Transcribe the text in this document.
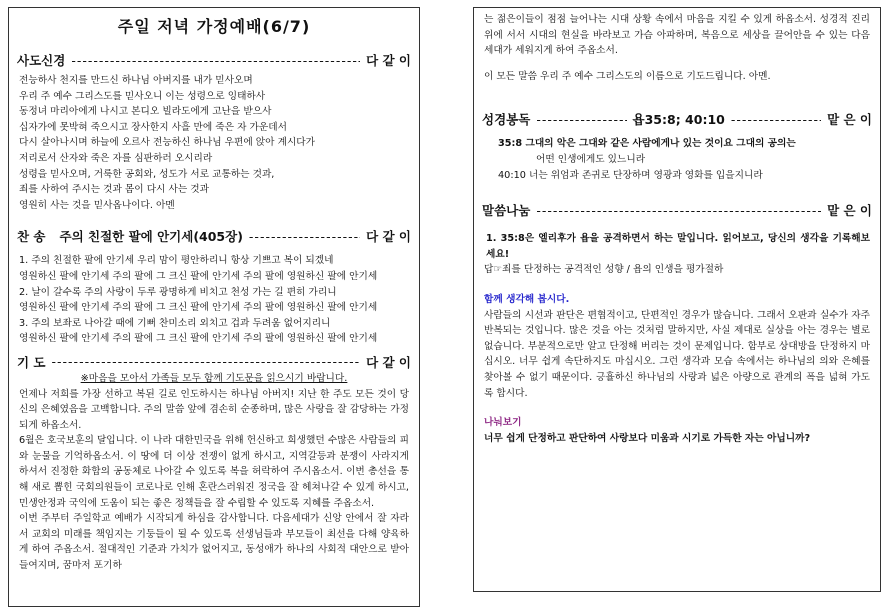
주일 저녁 가정예배(6/7)
사도신경 -----	다 같 이
전능하사 천지를 만드신 하나님 아버지를 내가 믿사오며
우리 주 예수 그리스도를 믿사오니 이는 성령으로 잉태하사
동정녀 마리아에게 나시고 본디오 빌라도에게 고난을 받으사
십자가에 못박혀 죽으시고 장사한지 사흘 만에 죽은 자 가운데서
다시 살아나시며 하늘에 오르사 전능하신 하나님 우편에 앉아 계시다가
저리로서 산자와 죽은 자를 심판하러 오시리라
성령을 믿사오며, 거룩한 공회와, 성도가 서로 교통하는 것과,
죄를 사하여 주시는 것과 몸이 다시 사는 것과
영원히 사는 것을 믿사옵나이다. 아멘
찬 송 주의 친절한 팔에 안기세(405장) -----	다 같 이
1. 주의 친절한 팔에 안기세 우리 맘이 평안하리니 항상 기쁘고 복이 되겠네
영원하신 팔에 안기세 주의 팔에 그 크신 팔에 안기세 주의 팔에 영원하신 팔에 안기세
2. 날이 갈수록 주의 사랑이 두루 광명하게 비치고 천성 가는 길 편히 가리니
영원하신 팔에 안기세 주의 팔에 그 크신 팔에 안기세 주의 팔에 영원하신 팔에 안기세
3. 주의 보좌로 나아갈 때에 기뻐 찬미소리 외치고 겁과 두려움 없어지리니
영원하신 팔에 안기세 주의 팔에 그 크신 팔에 안기세 주의 팔에 영원하신 팔에 안기세
기 도 -----	다 같 이
※마음을 모아서 가족들 모두 함께 기도문을 읽으시기 바랍니다.
언제나 저희를 가장 선하고 복된 길로 인도하시는 하나님 아버지! 지난 한 주도 모든 것이 당신의 은혜였음을 고백합니다. 주의 말씀 앞에 겸손히 순종하며, 많은 사랑을 잘 감당하는 가정되게 하옵소서.
6월은 호국보훈의 달입니다. 이 나라 대한민국을 위해 헌신하고 희생했던 수많은 사람들의 피와 눈물을 기억하옵소서. 이 땅에 더 이상 전쟁이 없게 하시고, 지역갈등과 분쟁이 사라지게 하셔서 진정한 화합의 공동체로 나아갈 수 있도록 복을 허락하여 주시옵소서. 이번 총선을 통해 새로 뽑힌 국회의원들이 코로나로 인해 혼란스러워진 정국을 잘 헤쳐나갈 수 있게 하시고, 민생안정과 국익에 도움이 되는 좋은 정책들을 잘 수립할 수 있도록 지혜를 주옵소서.
이번 주부터 주일학교 예배가 시작되게 하심을 감사합니다. 다음세대가 신앙 안에서 잘 자라서 교회의 미래를 책임지는 기둥들이 될 수 있도록 선생님들과 부모들이 최선을 다해 양육하게 하여 주옵소서. 절대적인 기준과 가치가 없어지고, 동성애가 하나의 사회적 대안으로 받아들여지며, 꿈마저 포기하
는 젊은이들이 점점 늘어나는 시대 상황 속에서 마음을 지킬 수 있게 하옵소서. 성경적 진리 위에 서서 시대의 현실을 바라보고 가슴 아파하며, 복음으로 세상을 끌어안을 수 있는 다음세대가 세워지게 하여 주옵소서.
이 모든 말씀 우리 주 예수 그리스도의 이름으로 기도드립니다. 아멘.
성경봉독 -----	욥35:8; 40:10 -----	맡 은 이
35:8 그대의 악은 그대와 같은 사람에게나 있는 것이요 그대의 공의는
어떤 인생에게도 있느니라
40:10 너는 위엄과 존귀로 단장하며 영광과 영화를 입을지니라
말씀나눔 -----	맡 은 이
1. 35:8은 엘리후가 욥을 공격하면서 하는 말입니다. 읽어보고, 당신의 생각을 기록해보세요!
답☞죄를 단정하는 공격적인 성향 / 욥의 인생을 평가절하
함께 생각해 봅시다.
사람들의 시선과 판단은 편협적이고, 단편적인 경우가 많습니다. 그래서 오판과 실수가 자주 반복되는 것입니다. 많은 것을 아는 것처럼 말하지만, 사실 제대로 실상을 아는 경우는 별로 없습니다. 부분적으로만 알고 단정해 버리는 것이 문제입니다. 함부로 상대방을 단정하지 마십시오. 너무 쉽게 속단하지도 마십시오. 그런 생각과 모습 속에서는 하나님의 의와 은혜를 찾아볼 수 없기 때문이다. 긍휼하신 하나님의 사랑과 넓은 아량으로 관계의 폭을 넓혀 가도록 합시다.
나눠보기
너무 쉽게 단정하고 판단하여 사랑보다 미움과 시기로 가득한 자는 아닙니까?
